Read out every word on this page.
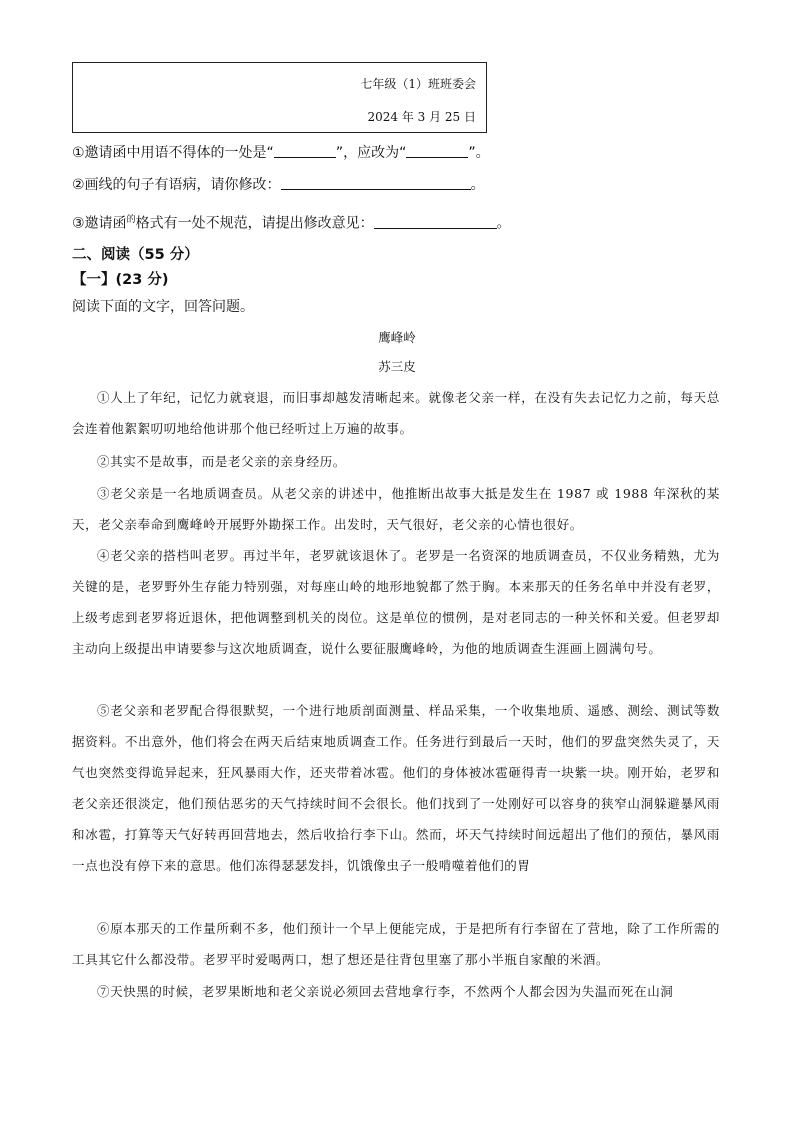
七年级（1）班班委会
2024 年 3 月 25 日
①邀请函中用语不得体的一处是“	”，应改为“	”。
②画线的句子有语病，请你修改：	。
③邀请函$^的$格式有一处不规范，请提出修改意见：	。
二、阅读（55 分）
【一】(23 分)
阅读下面的文字，回答问题。
鹰峰岭
苏三皮
①人上了年纪，记忆力就衰退，而旧事却越发清晰起来。就像老父亲一样，在没有失去记忆力之前，每天总会连着他絮絮叨叨地给他讲那个他已经听过上万遍的故事。
②其实不是故事，而是老父亲的亲身经历。
③老父亲是一名地质调查员。从老父亲的讲述中，他推断出故事大抵是发生在 1987 或 1988 年深秋的某天，老父亲奉命到鹰峰岭开展野外勘探工作。出发时，天气很好，老父亲的心情也很好。
④老父亲的搭档叫老罗。再过半年，老罗就该退休了。老罗是一名资深的地质调查员，不仅业务精熟，尤为关键的是，老罗野外生存能力特别强，对每座山岭的地形地貌都了然于胸。本来那天的任务名单中并没有老罗，上级考虑到老罗将近退休，把他调整到机关的岗位。这是单位的惯例，是对老同志的一种关怀和关爱。但老罗却主动向上级提出申请要参与这次地质调查，说什么要征服鹰峰岭，为他的地质调查生涯画上圆满句号。
⑤老父亲和老罗配合得很默契，一个进行地质剖面测量、样品采集，一个收集地质、遥感、测绘、测试等数据资料。不出意外，他们将会在两天后结束地质调查工作。任务进行到最后一天时，他们的罗盘突然失灵了，天气也突然变得诡异起来，狂风暴雨大作，还夹带着冰雹。他们的身体被冰雹砸得青一块紫一块。刚开始，老罗和老父亲还很淡定，他们预估恶劣的天气持续时间不会很长。他们找到了一处刚好可以容身的狭窄山洞躲避暴风雨和冰雹，打算等天气好转再回营地去，然后收拾行李下山。然而，坏天气持续时间远超出了他们的预估，暴风雨一点也没有停下来的意思。他们冻得瑟瑟发抖，饥饿像虫子一般啃噬着他们的胃
⑥原本那天的工作量所剩不多，他们预计一个早上便能完成，于是把所有行李留在了营地，除了工作所需的工具其它什么都没带。老罗平时爱喝两口，想了想还是往背包里塞了那小半瓶自家酿的米酒。
⑦天快黑的时候，老罗果断地和老父亲说必须回去营地拿行李，不然两个人都会因为失温而死在山洞
